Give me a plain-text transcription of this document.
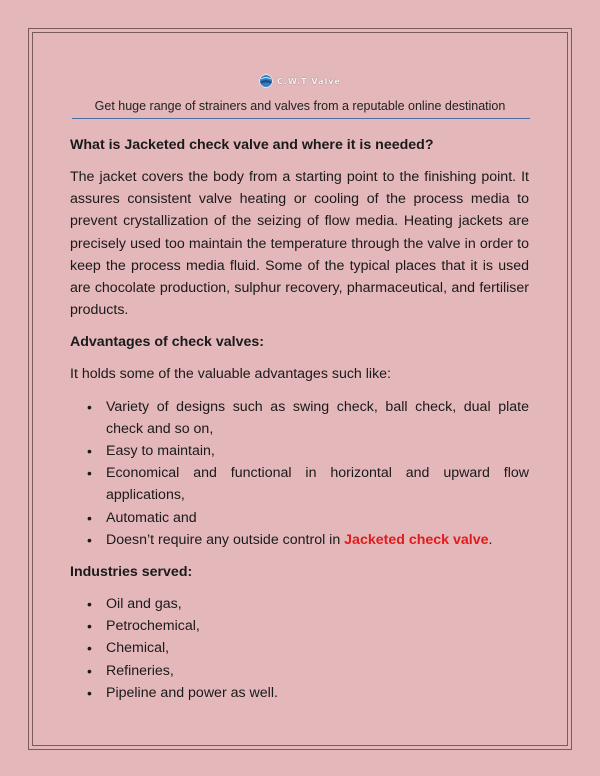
C.W.T Valve
Get huge range of strainers and valves from a reputable online destination
What is Jacketed check valve and where it is needed?

The jacket covers the body from a starting point to the finishing point. It assures consistent valve heating or cooling of the process media to prevent crystallization of the seizing of flow media. Heating jackets are precisely used too maintain the temperature through the valve in order to keep the process media fluid. Some of the typical places that it is used are chocolate production, sulphur recovery, pharmaceutical, and fertiliser products.

Advantages of check valves:

It holds some of the valuable advantages such like:

• Variety of designs such as swing check, ball check, dual plate check and so on,
• Easy to maintain,
• Economical and functional in horizontal and upward flow applications,
• Automatic and
• Doesn’t require any outside control in Jacketed check valve.
Industries served:
• Oil and gas,
• Petrochemical,
• Chemical,
• Refineries,
• Pipeline and power as well.
